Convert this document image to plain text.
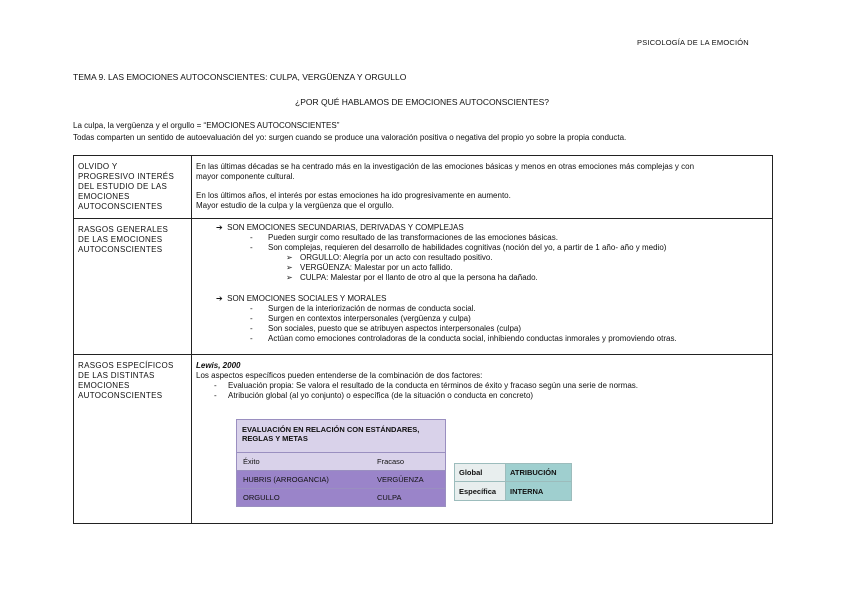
PSICOLOGÍA DE LA EMOCIÓN
TEMA 9. LAS EMOCIONES AUTOCONSCIENTES: CULPA, VERGÜENZA Y ORGULLO
¿POR QUÉ HABLAMOS DE EMOCIONES AUTOCONSCIENTES?
La culpa, la vergüenza y el orgullo = “EMOCIONES AUTOCONSCIENTES”
Todas comparten un sentido de autoevaluación del yo: surgen cuando se produce una valoración positiva o negativa del propio yo sobre la propia conducta.
OLVIDO Y
PROGRESIVO INTERÉS
DEL ESTUDIO DE LAS
EMOCIONES
AUTOCONSCIENTES
En las últimas décadas se ha centrado más en la investigación de las emociones básicas y menos en otras emociones más complejas y con
mayor componente cultural.
En los últimos años, el interés por estas emociones ha ido progresivamente en aumento.
Mayor estudio de la culpa y la vergüenza que el orgullo.
RASGOS GENERALES
DE LAS EMOCIONES
AUTOCONSCIENTES
➔ SON EMOCIONES SECUNDARIAS, DERIVADAS Y COMPLEJAS
- Pueden surgir como resultado de las transformaciones de las emociones básicas.
- Son complejas, requieren del desarrollo de habilidades cognitivas (noción del yo, a partir de 1 año- año y medio)
➢ ORGULLO: Alegría por un acto con resultado positivo.
➢ VERGÜENZA: Malestar por un acto fallido.
➢ CULPA: Malestar por el llanto de otro al que la persona ha dañado.
➔ SON EMOCIONES SOCIALES Y MORALES
- Surgen de la interiorización de normas de conducta social.
- Surgen en contextos interpersonales (vergüenza y culpa)
- Son sociales, puesto que se atribuyen aspectos interpersonales (culpa)
- Actúan como emociones controladoras de la conducta social, inhibiendo conductas inmorales y promoviendo otras.
RASGOS ESPECÍFICOS
DE LAS DISTINTAS
EMOCIONES
AUTOCONSCIENTES
Lewis, 2000
Los aspectos específicos pueden entenderse de la combinación de dos factores:
- Evaluación propia: Se valora el resultado de la conducta en términos de éxito y fracaso según una serie de normas.
- Atribución global (al yo conjunto) o específica (de la situación o conducta en concreto)
EVALUACIÓN EN RELACIÓN CON ESTÁNDARES, REGLAS Y METAS
Éxito	Fracaso
HUBRIS (ARROGANCIA)	VERGÜENZA
ORGULLO	CULPA
Global	ATRIBUCIÓN
Específica	INTERNA
